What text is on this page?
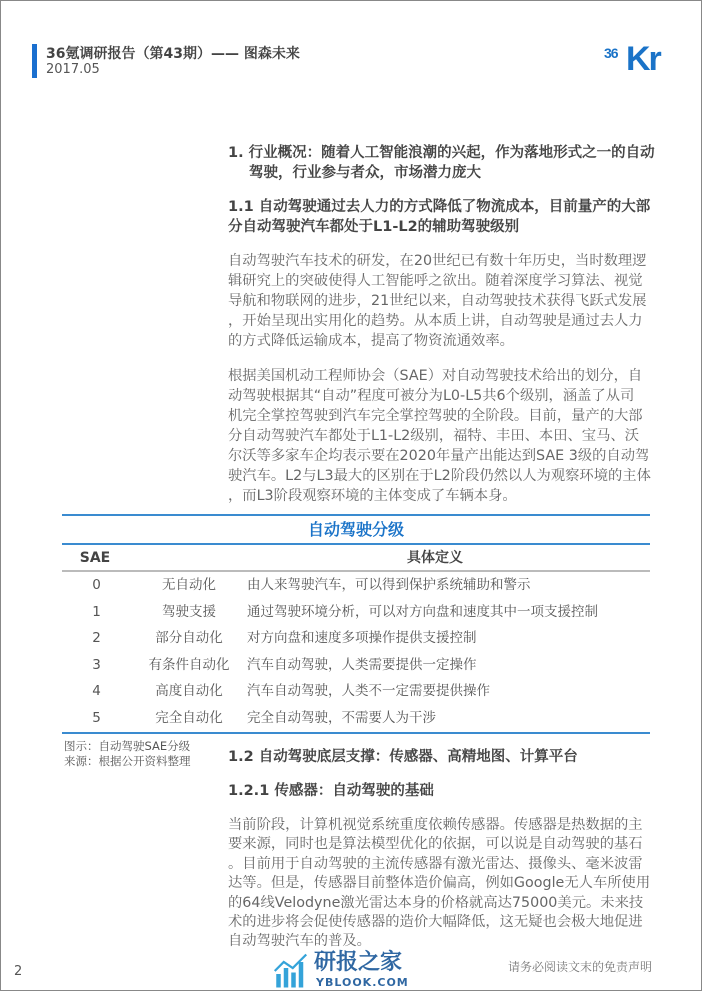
36氪调研报告（第43期）—— 图森未来
2017.05
36 Kr
1. 行业概况：随着人工智能浪潮的兴起，作为落地形式之一的自动
驾驶，行业参与者众，市场潜力庞大
1.1 自动驾驶通过去人力的方式降低了物流成本，目前量产的大部
分自动驾驶汽车都处于L1-L2的辅助驾驶级别
自动驾驶汽车技术的研发，在20世纪已有数十年历史，当时数理逻
辑研究上的突破使得人工智能呼之欲出。随着深度学习算法、视觉
导航和物联网的进步，21世纪以来，自动驾驶技术获得飞跃式发展
，开始呈现出实用化的趋势。从本质上讲，自动驾驶是通过去人力
的方式降低运输成本，提高了物资流通效率。
根据美国机动工程师协会（SAE）对自动驾驶技术给出的划分，自
动驾驶根据其“自动”程度可被分为L0-L5共6个级别，涵盖了从司
机完全掌控驾驶到汽车完全掌控驾驶的全阶段。目前，量产的大部
分自动驾驶汽车都处于L1-L2级别，福特、丰田、本田、宝马、沃
尔沃等多家车企均表示要在2020年量产出能达到SAE 3级的自动驾
驶汽车。L2与L3最大的区别在于L2阶段仍然以人为观察环境的主体
，而L3阶段观察环境的主体变成了车辆本身。
自动驾驶分级
SAE	具体定义
0	无自动化	由人来驾驶汽车，可以得到保护系统辅助和警示
1	驾驶支援	通过驾驶环境分析，可以对方向盘和速度其中一项支援控制
2	部分自动化	对方向盘和速度多项操作提供支援控制
3	有条件自动化	汽车自动驾驶，人类需要提供一定操作
4	高度自动化	汽车自动驾驶，人类不一定需要提供操作
5	完全自动化	完全自动驾驶，不需要人为干涉
图示：自动驾驶SAE分级
来源：根据公开资料整理	1.2 自动驾驶底层支撑：传感器、高精地图、计算平台
1.2.1 传感器：自动驾驶的基础
当前阶段，计算机视觉系统重度依赖传感器。传感器是热数据的主
要来源，同时也是算法模型优化的依据，可以说是自动驾驶的基石
。目前用于自动驾驶的主流传感器有激光雷达、摄像头、毫米波雷
达等。但是，传感器目前整体造价偏高，例如Google无人车所使用
的64线Velodyne激光雷达本身的价格就高达75000美元。未来技
术的进步将会促使传感器的造价大幅降低，这无疑也会极大地促进
自动驾驶汽车的普及。
研报之家
YBLOOK.COM
2	请务必阅读文末的免责声明
